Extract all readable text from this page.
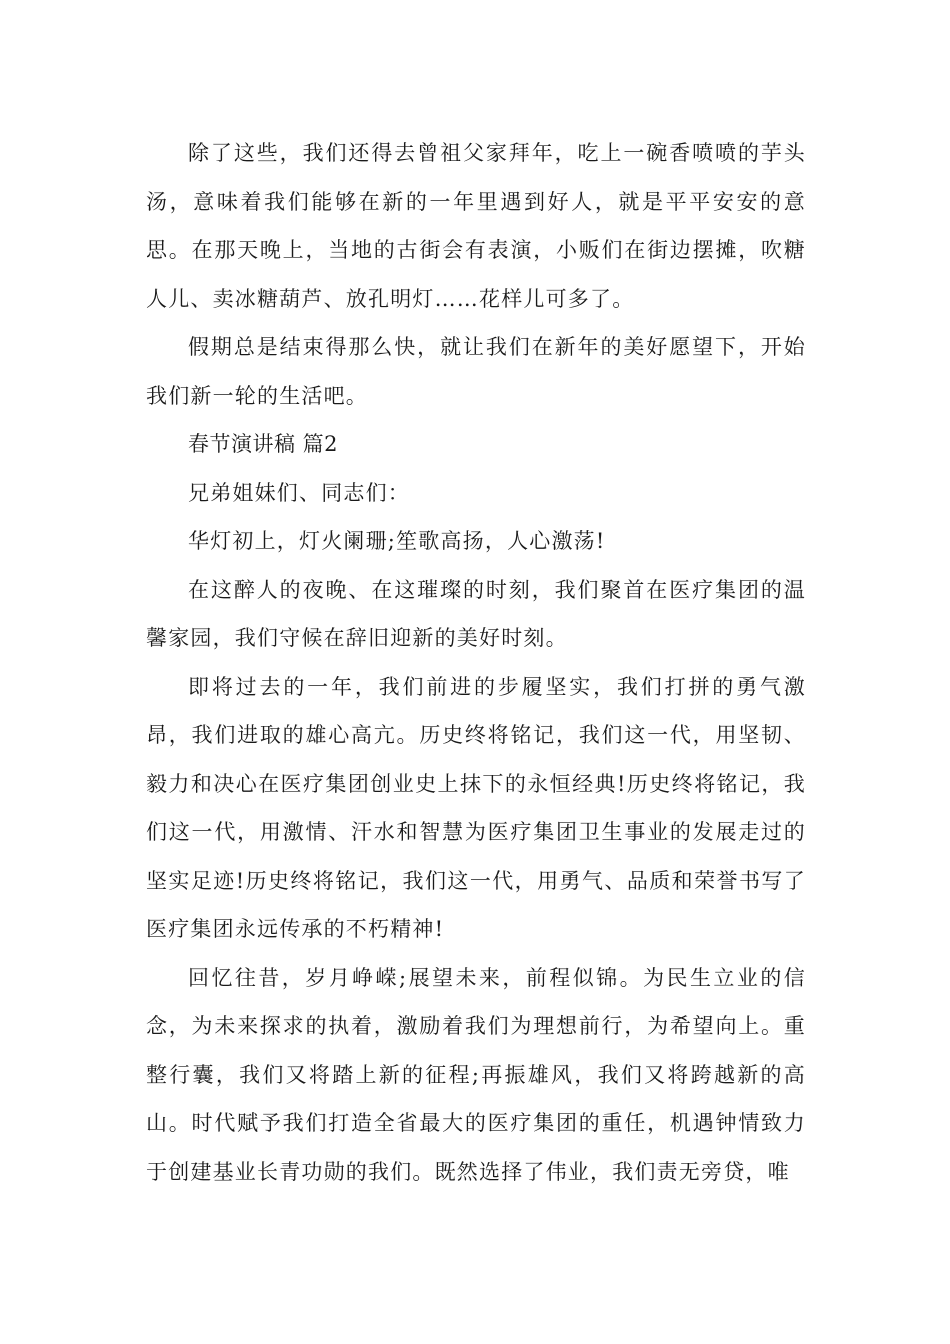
除了这些，我们还得去曾祖父家拜年，吃上一碗香喷喷的芋头汤，意味着我们能够在新的一年里遇到好人，就是平平安安的意思。在那天晚上，当地的古街会有表演，小贩们在街边摆摊，吹糖人儿、卖冰糖葫芦、放孔明灯……花样儿可多了。

假期总是结束得那么快，就让我们在新年的美好愿望下，开始我们新一轮的生活吧。

春节演讲稿 篇2

兄弟姐妹们、同志们：

华灯初上，灯火阑珊;笙歌高扬，人心激荡!

在这醉人的夜晚、在这璀璨的时刻，我们聚首在医疗集团的温馨家园，我们守候在辞旧迎新的美好时刻。

即将过去的一年，我们前进的步履坚实，我们打拼的勇气激昂，我们进取的雄心高亢。历史终将铭记，我们这一代，用坚韧、毅力和决心在医疗集团创业史上抹下的永恒经典!历史终将铭记，我们这一代，用激情、汗水和智慧为医疗集团卫生事业的发展走过的坚实足迹!历史终将铭记，我们这一代，用勇气、品质和荣誉书写了医疗集团永远传承的不朽精神!

回忆往昔，岁月峥嵘;展望未来，前程似锦。为民生立业的信念，为未来探求的执着，激励着我们为理想前行，为希望向上。重整行囊，我们又将踏上新的征程;再振雄风，我们又将跨越新的高山。时代赋予我们打造全省最大的医疗集团的重任，机遇钟情致力于创建基业长青功勋的我们。既然选择了伟业，我们责无旁贷，唯
